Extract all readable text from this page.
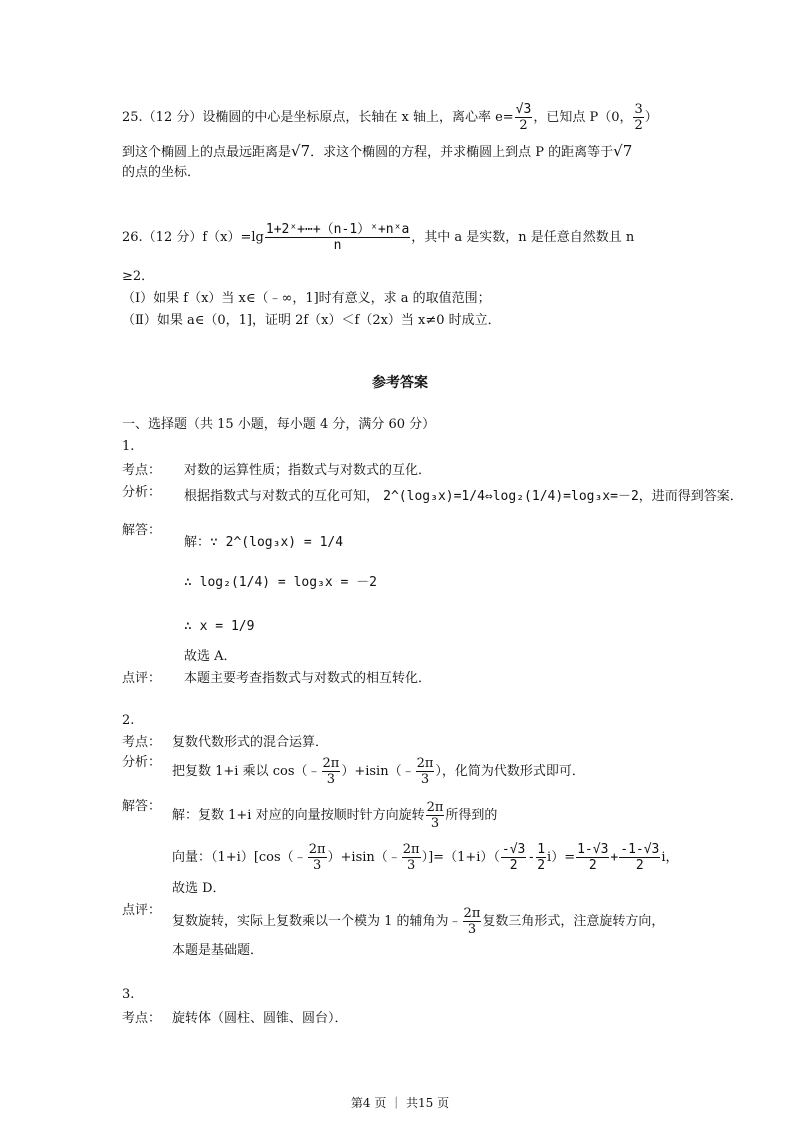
25.（12 分）设椭圆的中心是坐标原点，长轴在 x 轴上，离心率 $e= \frac{√3}{2}$ ，已知点 P（0， $\frac{3}{2}$ ）
到这个椭圆上的点最远距离是√7．求这个椭圆的方程，并求椭圆上到点 P 的距离等于√7
的点的坐标．
26.（12 分）$f(x)=\lg \frac{\text{1+2ˣ+⋯+（n-1）ˣ+nˣa}}{n}$ ，其中 a 是实数，n 是任意自然数且 n
≥2．
（Ⅰ）如果 f（x）当 x∈（﹣∞，1]时有意义，求 a 的取值范围；
（Ⅱ）如果 a∈（0，1]，证明 2f（x）＜f（2x）当 x≠0 时成立．
参考答案
一、选择题（共 15 小题，每小题 4 分，满分 60 分）
1.
考点： 对数的运算性质；指数式与对数式的互化．
分析： 根据指数式与对数式的互化可知， 2^(log₃x)=1/4⇔log₂(1/4)=log₃x=－2，进而得到答案．
解答：
解：∵ 2^(log₃x) = 1/4
∴ log₂(1/4) = log₃x = －2
∴ x = 1/9
故选 A．
点评： 本题主要考查指数式与对数式的相互转化．
2.
考点： 复数代数形式的混合运算．
分析：
把复数 1+i 乘以 cos（﹣ $\frac{2\pi}{3}$ ）+isin（﹣ $\frac{2\pi}{3}$ ），化简为代数形式即可．
解答：
解：复数 1+i 对应的向量按顺时针方向旋转 $\frac{2\pi}{3}$ 所得到的
向量：（1+i）[cos（﹣ $\frac{2\pi}{3}$ ）+isin（﹣ $\frac{2\pi}{3} )]=(1+i)( \frac{-√3}{2} - \frac{1}{2} i)= \frac{1-√3}{2} + \frac{-1-√3}{2}$ i，
故选 D．
点评：
复数旋转，实际上复数乘以一个模为 1 的辅角为﹣ $\frac{2\pi}{3}$ 复数三角形式，注意旋转方向，
本题是基础题．
3.
考点： 旋转体（圆柱、圆锥、圆台）．
第4 页 ｜ 共15 页
